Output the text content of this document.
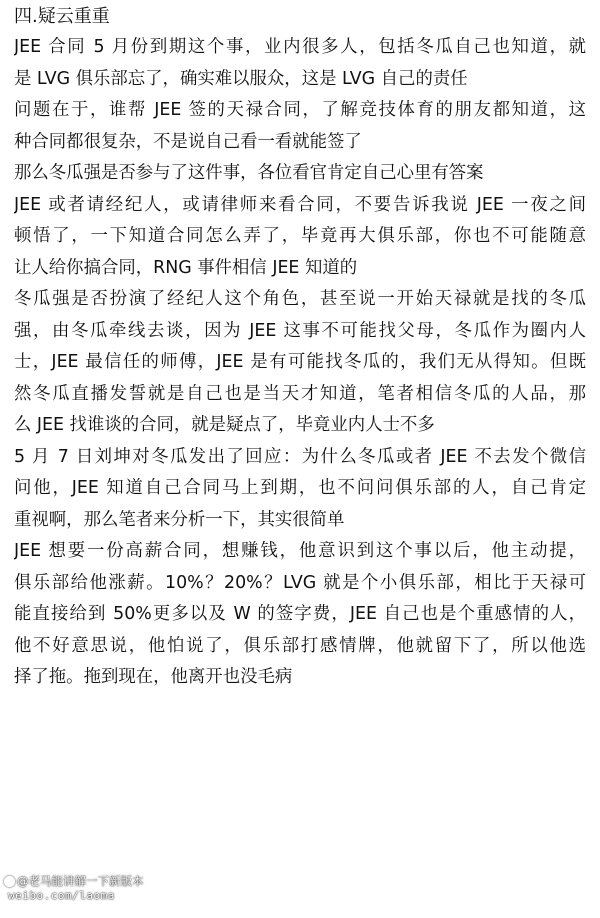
四.疑云重重
JEE 合同 5 月份到期这个事，业内很多人，包括冬瓜自己也知道，就
是 LVG 俱乐部忘了，确实难以服众，这是 LVG 自己的责任
问题在于，谁帮 JEE 签的天禄合同，了解竞技体育的朋友都知道，这
种合同都很复杂，不是说自己看一看就能签了
那么冬瓜强是否参与了这件事，各位看官肯定自己心里有答案
JEE 或者请经纪人，或请律师来看合同，不要告诉我说 JEE 一夜之间
顿悟了，一下知道合同怎么弄了，毕竟再大俱乐部，你也不可能随意
让人给你搞合同，RNG 事件相信 JEE 知道的
冬瓜强是否扮演了经纪人这个角色，甚至说一开始天禄就是找的冬瓜
强，由冬瓜牵线去谈，因为 JEE 这事不可能找父母，冬瓜作为圈内人
士，JEE 最信任的师傅，JEE 是有可能找冬瓜的，我们无从得知。但既
然冬瓜直播发誓就是自己也是当天才知道，笔者相信冬瓜的人品，那
么 JEE 找谁谈的合同，就是疑点了，毕竟业内人士不多
5 月 7 日刘坤对冬瓜发出了回应：为什么冬瓜或者 JEE 不去发个微信
问他，JEE 知道自己合同马上到期，也不问问俱乐部的人，自己肯定
重视啊，那么笔者来分析一下，其实很简单
JEE 想要一份高薪合同，想赚钱，他意识到这个事以后，他主动提，
俱乐部给他涨薪。10%？20%？LVG 就是个小俱乐部，相比于天禄可
能直接给到 50%更多以及 W 的签字费，JEE 自己也是个重感情的人，
他不好意思说，他怕说了，俱乐部打感情牌，他就留下了，所以他选
择了拖。拖到现在，他离开也没毛病
@老马能讲解一下新版本
weibo.com/laoma
